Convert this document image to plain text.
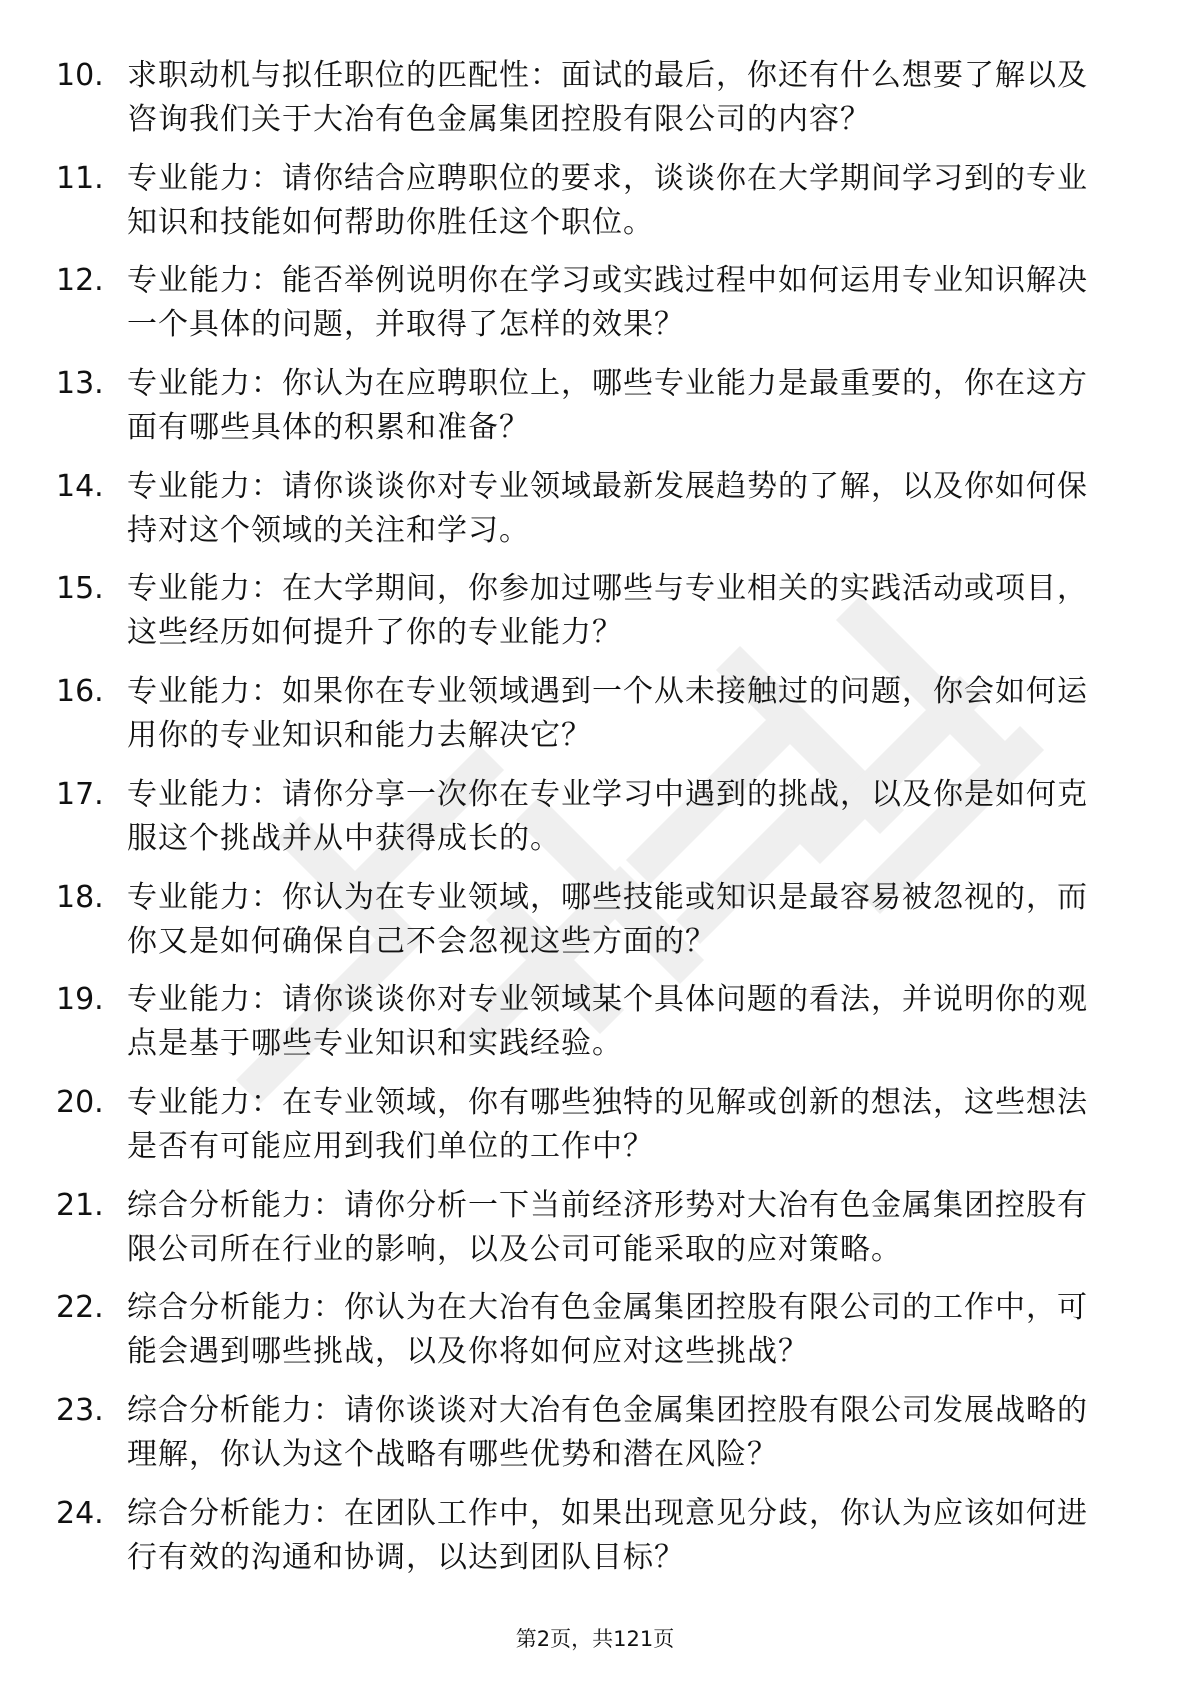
10. 求职动机与拟任职位的匹配性：面试的最后，你还有什么想要了解以及咨询我们关于大冶有色金属集团控股有限公司的内容？
11. 专业能力：请你结合应聘职位的要求，谈谈你在大学期间学习到的专业知识和技能如何帮助你胜任这个职位。
12. 专业能力：能否举例说明你在学习或实践过程中如何运用专业知识解决一个具体的问题，并取得了怎样的效果？
13. 专业能力：你认为在应聘职位上，哪些专业能力是最重要的，你在这方面有哪些具体的积累和准备？
14. 专业能力：请你谈谈你对专业领域最新发展趋势的了解，以及你如何保持对这个领域的关注和学习。
15. 专业能力：在大学期间，你参加过哪些与专业相关的实践活动或项目，这些经历如何提升了你的专业能力？
16. 专业能力：如果你在专业领域遇到一个从未接触过的问题，你会如何运用你的专业知识和能力去解决它？
17. 专业能力：请你分享一次你在专业学习中遇到的挑战，以及你是如何克服这个挑战并从中获得成长的。
18. 专业能力：你认为在专业领域，哪些技能或知识是最容易被忽视的，而你又是如何确保自己不会忽视这些方面的？
19. 专业能力：请你谈谈你对专业领域某个具体问题的看法，并说明你的观点是基于哪些专业知识和实践经验。
20. 专业能力：在专业领域，你有哪些独特的见解或创新的想法，这些想法是否有可能应用到我们单位的工作中？
21. 综合分析能力：请你分析一下当前经济形势对大冶有色金属集团控股有限公司所在行业的影响，以及公司可能采取的应对策略。
22. 综合分析能力：你认为在大冶有色金属集团控股有限公司的工作中，可能会遇到哪些挑战，以及你将如何应对这些挑战？
23. 综合分析能力：请你谈谈对大冶有色金属集团控股有限公司发展战略的理解，你认为这个战略有哪些优势和潜在风险？
24. 综合分析能力：在团队工作中，如果出现意见分歧，你认为应该如何进行有效的沟通和协调，以达到团队目标？
第2页，共121页
